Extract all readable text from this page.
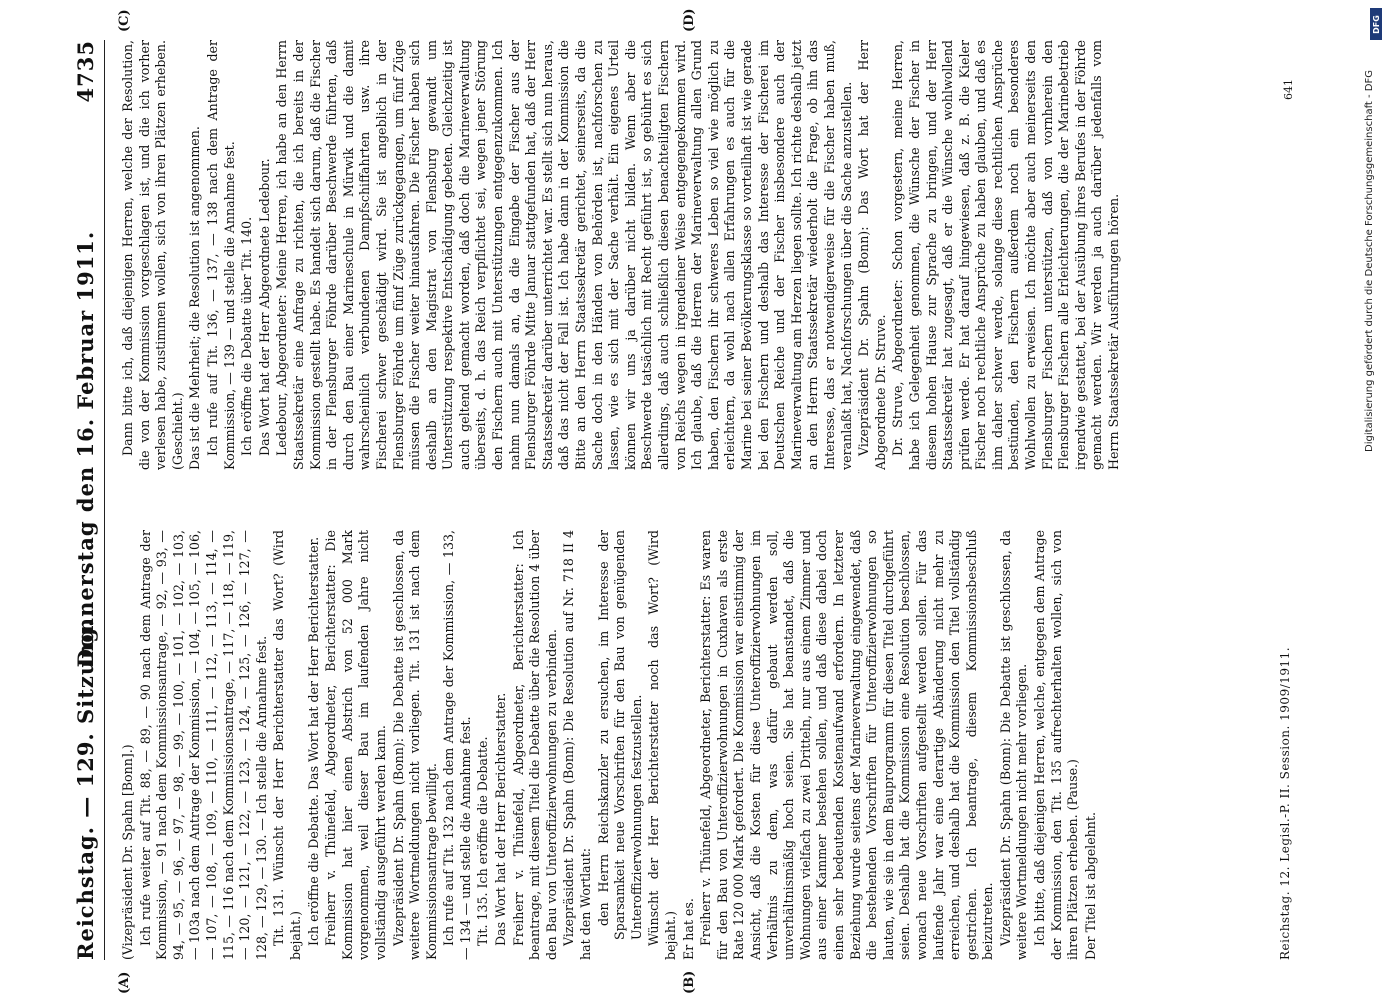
Reichstag. — 129. Sitzung.
Donnerstag den 16. Februar 1911. 4735
(A)	(B)
(C)	(D)

(Vizepräsident Dr. Spahn [Bonn].) Ich rufe weiter auf Tit. 88, — 89, — 90 nach dem Antrage der Kommission, — 91 nach dem Kommissionsantrage, — 92, — 93, — 94, — 95, — 96, — 97, — 98, — 99, — 100, — 101, — 102, — 103, — 103a nach dem Antrage der Kommission, — 104, — 105, — 106, — 107, — 108, — 109, — 110, — 111, — 112, — 113, — 114, — 115, — 116 nach dem Kommissionsantrage, — 117, — 118, — 119, — 120, — 121, — 122, — 123, — 124, — 125, — 126, — 127, — 128, — 129, — 130. — Ich stelle die Annahme fest. Tit. 131. Wünscht der Herr Berichterstatter das Wort? (Wird bejaht.) Ich eröffne die Debatte. Das Wort hat der Herr Berichterstatter. Freiherr v. Thünefeld, Abgeordneter, Berichterstatter: Die Kommission hat hier einen Abstrich von 52 000 Mark vorgenommen, weil dieser Bau im laufenden Jahre nicht vollständig ausgeführt werden kann. Vizepräsident Dr. Spahn (Bonn): Die Debatte ist geschlossen, da weitere Wortmeldungen nicht vorliegen. Tit. 131 ist nach dem Kommissionsantrage bewilligt. Ich rufe auf Tit. 132 nach dem Antrage der Kommission, — 133, — 134 — und stelle die Annahme fest. Tit. 135. Ich eröffne die Debatte. Das Wort hat der Herr Berichterstatter. Freiherr v. Thünefeld, Abgeordneter, Berichterstatter: Ich beantrage, mit diesem Titel die Debatte über die Resolution 4 über den Bau von Unteroffizierwohnungen zu verbinden. Vizepräsident Dr. Spahn (Bonn): Die Resolution auf Nr. 718 II 4 hat den Wortlaut: den Herrn Reichskanzler zu ersuchen, im Interesse der Sparsamkeit neue Vorschriften für den Bau von genügenden Unteroffizierwohnungen festzustellen. Wünscht der Herr Berichterstatter noch das Wort? (Wird bejaht.) Er hat es. Freiherr v. Thünefeld, Abgeordneter, Berichterstatter: Es waren für den Bau von Unteroffizierwohnungen in Cuxhaven als erste Rate 120 000 Mark gefordert. Die Kommission war einstimmig der Ansicht, daß die Kosten für diese Unteroffizierwohnungen im Verhältnis zu dem, was dafür gebaut werden soll, unverhältnismäßig hoch seien. Sie hat beanstandet, daß die Wohnungen vielfach zu zwei Dritteln, nur aus einem Zimmer und aus einer Kammer bestehen sollen, und daß diese dabei doch einen sehr bedeutenden Kostenaufwand erfordern. In letzterer Beziehung wurde seitens der Marineverwaltung eingewendet, daß die bestehenden Vorschriften für Unteroffizierwohnungen so lauten, wie sie in dem Bauprogramm für diesen Titel durchgeführt seien. Deshalb hat die Kommission eine Resolution beschlossen, wonach neue Vorschriften aufgestellt werden sollen. Für das laufende Jahr war eine derartige Abänderung nicht mehr zu erreichen, und deshalb hat die Kommission den Titel vollständig gestrichen. Ich beantrage, diesem Kommissionsbeschluß beizutreten. Vizepräsident Dr. Spahn (Bonn): Die Debatte ist geschlossen, da weitere Wortmeldungen nicht mehr vorliegen. Ich bitte, daß diejenigen Herren, welche, entgegen dem Antrage der Kommission, den Tit. 135 aufrechterhalten wollen, sich von ihren Plätzen erheben. (Pause.) Der Titel ist abgelehnt.

Dann bitte ich, daß diejenigen Herren, welche der Resolution, die von der Kommission vorgeschlagen ist, und die ich vorher verlesen habe, zustimmen wollen, sich von ihren Plätzen erheben. (Geschieht.) Das ist die Mehrheit; die Resolution ist angenommen. Ich rufe auf Tit. 136, — 137, — 138 nach dem Antrage der Kommission, — 139 — und stelle die Annahme fest. Ich eröffne die Debatte über Tit. 140. Das Wort hat der Herr Abgeordnete Ledebour. Ledebour, Abgeordneter: Meine Herren, ich habe an den Herrn Staatssekretär eine Anfrage zu richten, die ich bereits in der Kommission gestellt habe. Es handelt sich darum, daß die Fischer in der Flensburger Föhrde darüber Beschwerde führten, daß durch den Bau einer Marineschule in Mürwik und die damit wahrscheinlich verbundenen Dampfschiffahrten usw. ihre Fischerei schwer geschädigt wird. Sie ist angeblich in der Flensburger Föhrde um fünf Züge zurückgegangen, um fünf Züge müssen die Fischer weiter hinausfahren. Die Fischer haben sich deshalb an den Magistrat von Flensburg gewandt um Unterstützung respektive Entschädigung gebeten. Gleichzeitig ist auch geltend gemacht worden, daß doch die Marineverwaltung überseits, d. h. das Reich verpflichtet sei, wegen jener Störung den Fischern auch mit Unterstützungen entgegenzukommen. Ich nahm nun damals an, da die Eingabe der Fischer aus der Flensburger Föhrde Mitte Januar stattgefunden hat, daß der Herr Staatssekretär darüber unterrichtet war. Es stellt sich nun heraus, daß das nicht der Fall ist. Ich habe dann in der Kommission die Bitte an den Herrn Staatssekretär gerichtet, seinerseits, da die Sache doch in den Händen von Behörden ist, nachforschen zu lassen, wie es sich mit der Sache verhält. Ein eigenes Urteil können wir uns ja darüber nicht bilden. Wenn aber die Beschwerde tatsächlich mit Recht geführt ist, so gebührt es sich allerdings, daß auch schließlich diesen benachteiligten Fischern von Reichs wegen in irgendeiner Weise entgegengekommen wird. Ich glaube, daß die Herren der Marineverwaltung allen Grund haben, den Fischern ihr schweres Leben so viel wie möglich zu erleichtern, da wohl nach allen Erfahrungen es auch für die Marine bei seiner Bevölkerungsklasse so vorteilhaft ist wie gerade bei den Fischern und deshalb das Interesse der Fischerei im Deutschen Reiche und der Fischer insbesondere auch der Marineverwaltung am Herzen liegen sollte. Ich richte deshalb jetzt an den Herrn Staatssekretär wiederholt die Frage, ob ihn das Interesse, das er notwendigerweise für die Fischer haben muß, veranlaßt hat, Nachforschungen über die Sache anzustellen. Vizepräsident Dr. Spahn (Bonn): Das Wort hat der Herr Abgeordnete Dr. Struve. Dr. Struve, Abgeordneter: Schon vorgestern, meine Herren, habe ich Gelegenheit genommen, die Wünsche der Fischer in diesem hohen Hause zur Sprache zu bringen, und der Herr Staatssekretär hat zugesagt, daß er die Wünsche wohlwollend prüfen werde. Er hat darauf hingewiesen, daß z. B. die Kieler Fischer noch rechtliche Ansprüche zu haben glauben, und daß es ihm daher schwer werde, solange diese rechtlichen Ansprüche bestünden, den Fischern außerdem noch ein besonderes Wohlwollen zu erweisen. Ich möchte aber auch meinerseits den Flensburger Fischern unterstützen, daß von vornherein den Flensburger Fischern alle Erleichterungen, die der Marinebetrieb irgendwie gestattet, bei der Ausübung ihres Berufes in der Föhrde gemacht werden. Wir werden ja auch darüber jedenfalls vom Herrn Staatssekretär Ausführungen hören.

Reichstag. 12. Legisl.-P. II. Session. 1909/1911.
641
DFG
Digitalisierung gefördert durch die Deutsche Forschungsgemeinschaft - DFG
